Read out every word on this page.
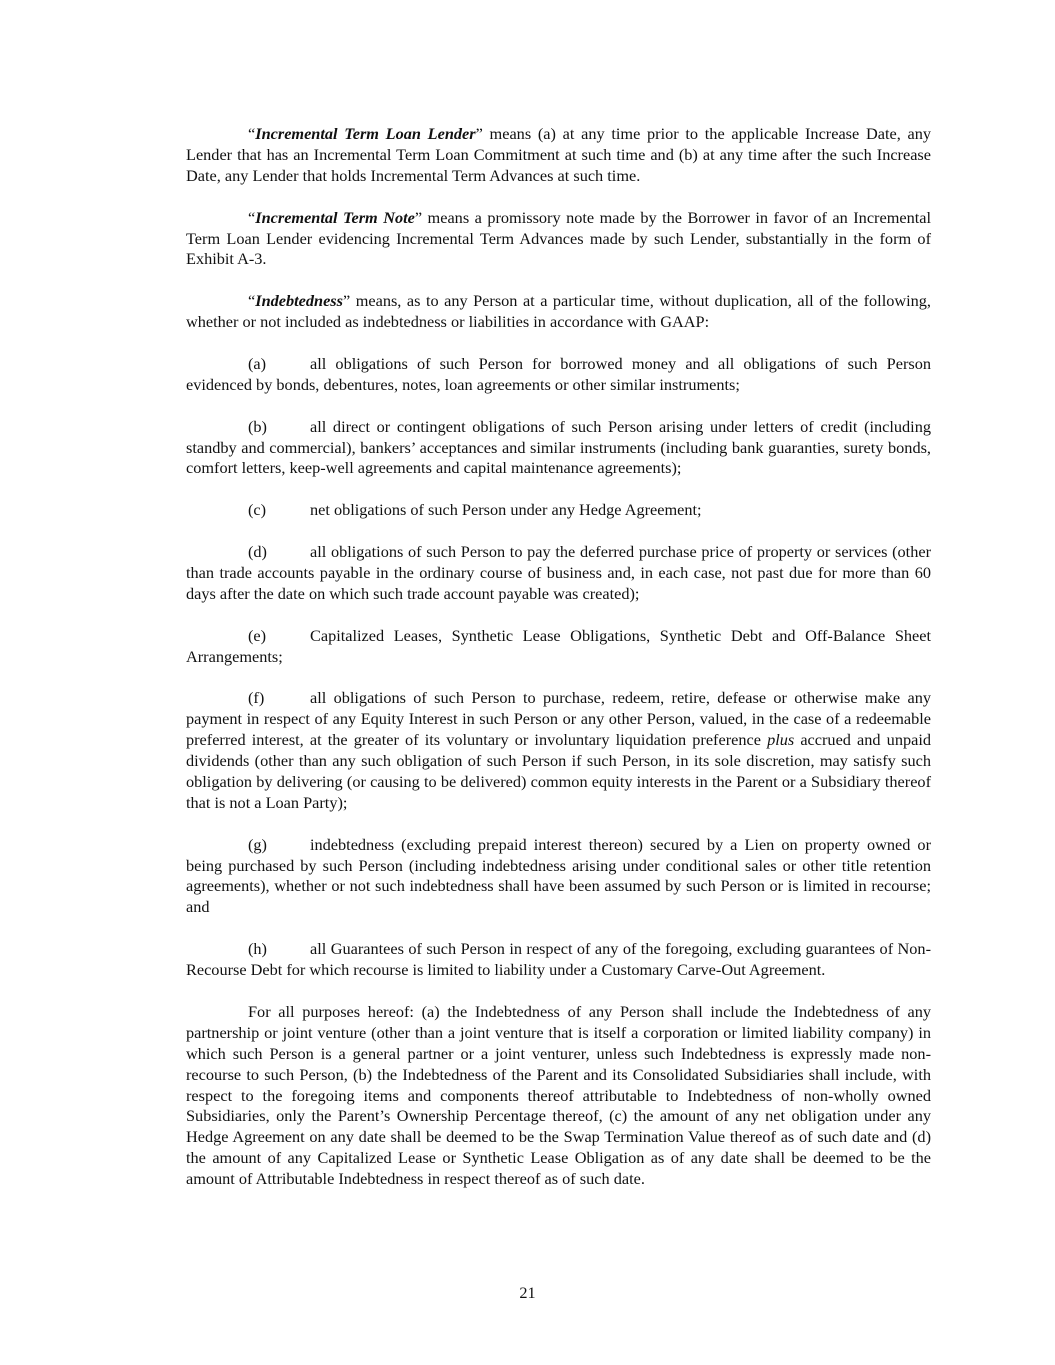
“Incremental Term Loan Lender” means (a) at any time prior to the applicable Increase Date, any Lender that has an Incremental Term Loan Commitment at such time and (b) at any time after the such Increase Date, any Lender that holds Incremental Term Advances at such time.

“Incremental Term Note” means a promissory note made by the Borrower in favor of an Incremental Term Loan Lender evidencing Incremental Term Advances made by such Lender, substantially in the form of Exhibit A-3.

“Indebtedness” means, as to any Person at a particular time, without duplication, all of the following, whether or not included as indebtedness or liabilities in accordance with GAAP:

(a)	all obligations of such Person for borrowed money and all obligations of such Person evidenced by bonds, debentures, notes, loan agreements or other similar instruments;

(b)	all direct or contingent obligations of such Person arising under letters of credit (including standby and commercial), bankers’ acceptances and similar instruments (including bank guaranties, surety bonds, comfort letters, keep-well agreements and capital maintenance agreements);

(c)	net obligations of such Person under any Hedge Agreement;

(d)	all obligations of such Person to pay the deferred purchase price of property or services (other than trade accounts payable in the ordinary course of business and, in each case, not past due for more than 60 days after the date on which such trade account payable was created);

(e)	Capitalized Leases, Synthetic Lease Obligations, Synthetic Debt and Off-Balance Sheet Arrangements;

(f)	all obligations of such Person to purchase, redeem, retire, defease or otherwise make any payment in respect of any Equity Interest in such Person or any other Person, valued, in the case of a redeemable preferred interest, at the greater of its voluntary or involuntary liquidation preference plus accrued and unpaid dividends (other than any such obligation of such Person if such Person, in its sole discretion, may satisfy such obligation by delivering (or causing to be delivered) common equity interests in the Parent or a Subsidiary thereof that is not a Loan Party);

(g)	indebtedness (excluding prepaid interest thereon) secured by a Lien on property owned or being purchased by such Person (including indebtedness arising under conditional sales or other title retention agreements), whether or not such indebtedness shall have been assumed by such Person or is limited in recourse; and

(h)	all Guarantees of such Person in respect of any of the foregoing, excluding guarantees of Non-Recourse Debt for which recourse is limited to liability under a Customary Carve-Out Agreement.

For all purposes hereof: (a) the Indebtedness of any Person shall include the Indebtedness of any partnership or joint venture (other than a joint venture that is itself a corporation or limited liability company) in which such Person is a general partner or a joint venturer, unless such Indebtedness is expressly made non-recourse to such Person, (b) the Indebtedness of the Parent and its Consolidated Subsidiaries shall include, with respect to the foregoing items and components thereof attributable to Indebtedness of non-wholly owned Subsidiaries, only the Parent’s Ownership Percentage thereof, (c) the amount of any net obligation under any Hedge Agreement on any date shall be deemed to be the Swap Termination Value thereof as of such date and (d) the amount of any Capitalized Lease or Synthetic Lease Obligation as of any date shall be deemed to be the amount of Attributable Indebtedness in respect thereof as of such date.

21
